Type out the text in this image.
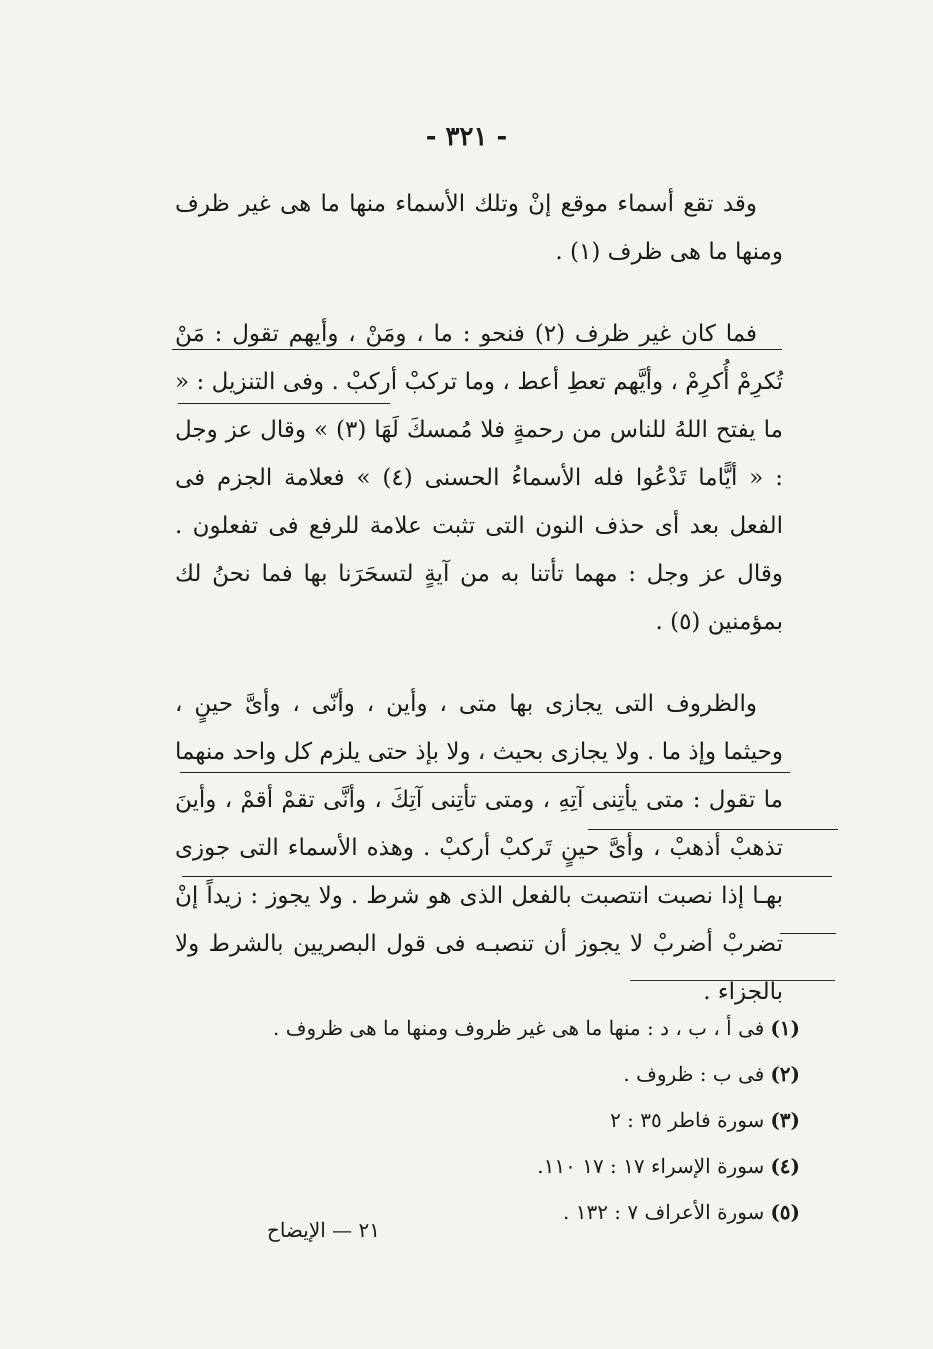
- ٣٢١ -

وقد تقع أسماء موقع إنْ وتلك الأسماء منها ما هى غير ظرف ومنها ما هى ظرف (١) .

فما كان غير ظرف (٢) فنحو : ما ، ومَنْ ، وأيهم تقول : مَنْ تُكرِمْ أُكرِمْ ، وأيَّهم تعطِ أعط ، وما تركبْ أركبْ . وفى التنزيل : « ما يفتح اللهُ للناس من رحمةٍ فلا مُمسكَ لَهَا (٣) » وقال عز وجل : « أيًّاما تَدْعُوا فله الأسماءُ الحسنى (٤) » فعلامة الجزم فى الفعل بعد أى حذف النون التى تثبت علامة للرفع فى تفعلون . وقال عز وجل : مهما تأتنا به من آيةٍ لتسحَرَنا بها فما نحنُ لك بمؤمنين (٥) .

والظروف التى يجازى بها متى ، وأين ، وأنّى ، وأىَّ حينٍ ، وحيثما وإذ ما . ولا يجازى بحيث ، ولا بإذ حتى يلزم كل واحد منهما ما تقول : متى يأتِنى آتِهِ ، ومتى تأتِنى آتِكَ ، وأنَّى تقمْ أقمْ ، وأينَ تذهبْ أذهبْ ، وأىَّ حينٍ تَركبْ أركبْ . وهذه الأسماء التى جوزى بهـا إذا نصبت انتصبت بالفعل الذى هو شرط . ولا يجوز : زيداً إنْ تضربْ أضربْ لا يجوز أن تنصبـه فى قول البصريين بالشرط ولا بالجزاء .

(١)فى أ ، ب ، د : منها ما هى غير ظروف ومنها ما هى ظروف .
(٢)فى ب : ظروف .
(٣)سورة فاطر ٣٥ : ٢
(٤)سورة الإسراء ١٧ : ١٧ ١١٠.
(٥)سورة الأعراف ٧ : ١٣٢ .
٢١ — الإيضاح
